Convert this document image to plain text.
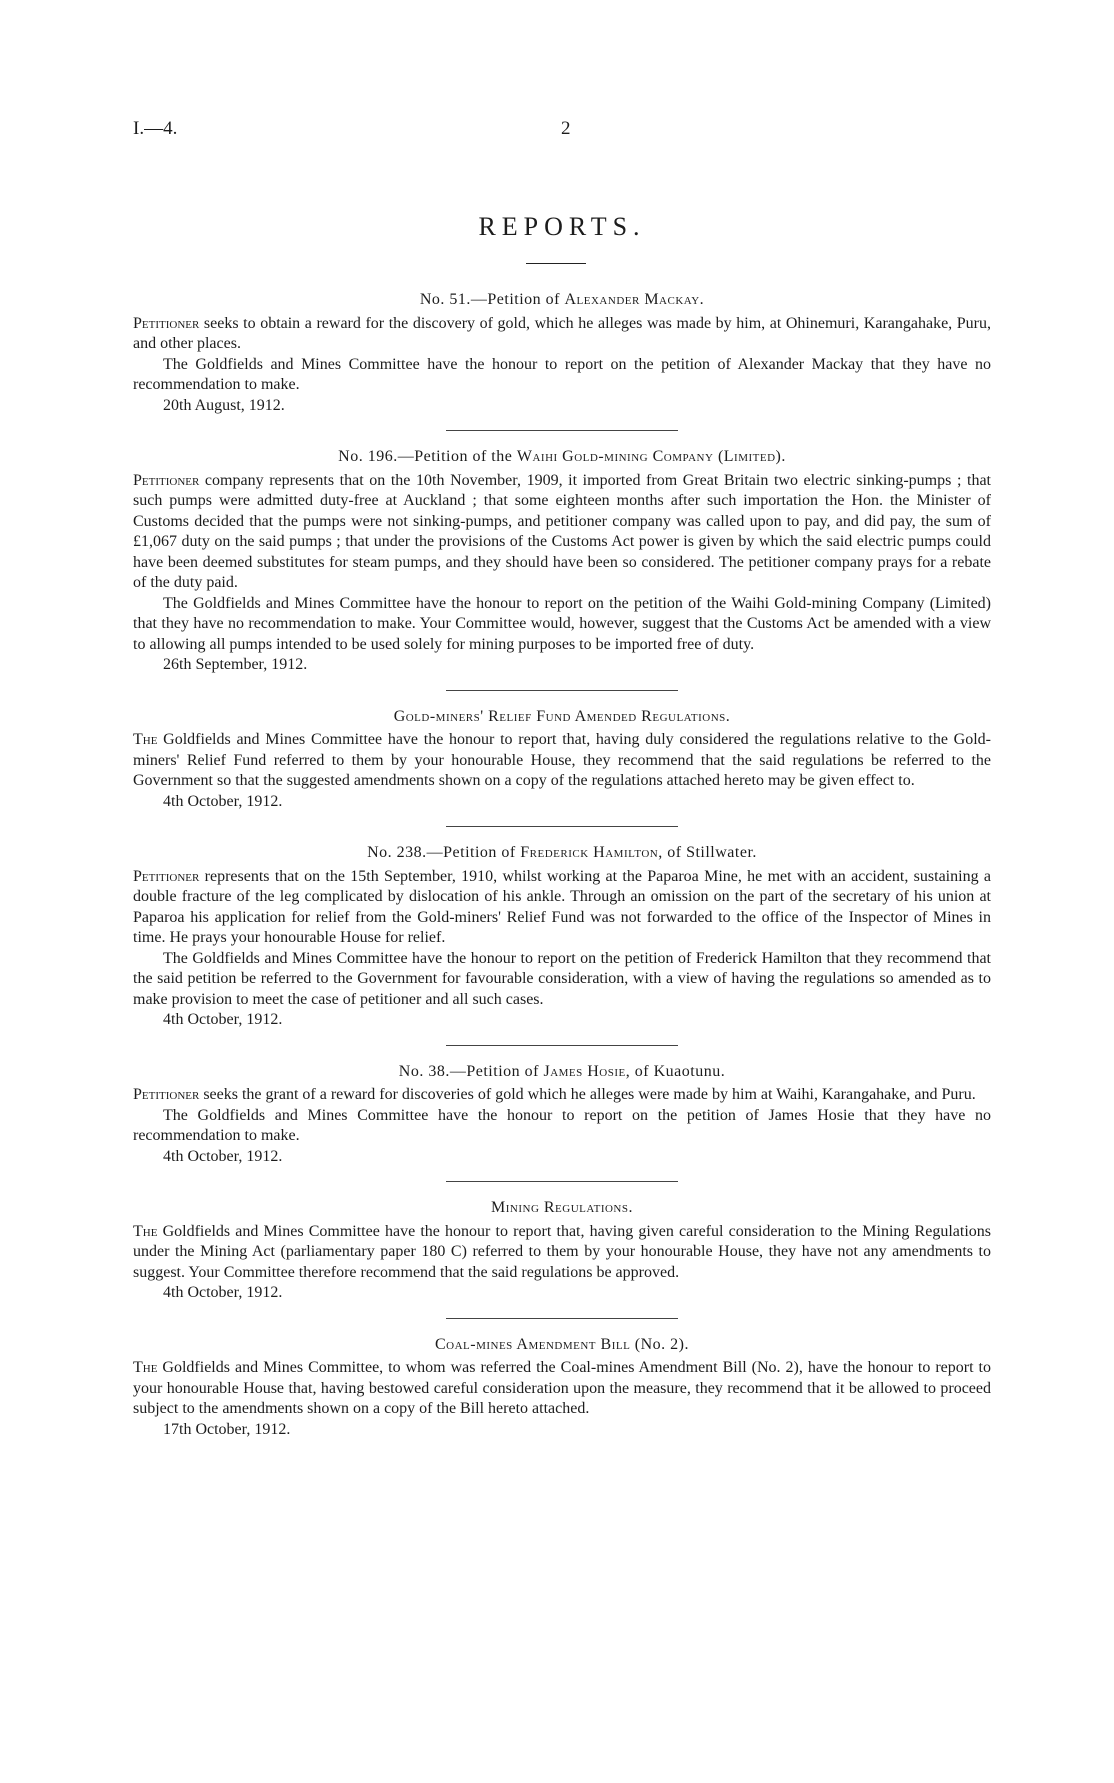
I.—4.	2
REPORTS.

No. 51.—Petition of Alexander Mackay.

Petitioner seeks to obtain a reward for the discovery of gold, which he alleges was made by him, at Ohinemuri, Karangahake, Puru, and other places.

The Goldfields and Mines Committee have the honour to report on the petition of Alexander Mackay that they have no recommendation to make.

20th August, 1912.

No. 196.—Petition of the Waihi Gold-mining Company (Limited).

Petitioner company represents that on the 10th November, 1909, it imported from Great Britain two electric sinking-pumps ; that such pumps were admitted duty-free at Auckland ; that some eighteen months after such importation the Hon. the Minister of Customs decided that the pumps were not sinking-pumps, and petitioner company was called upon to pay, and did pay, the sum of £1,067 duty on the said pumps ; that under the provisions of the Customs Act power is given by which the said electric pumps could have been deemed substitutes for steam pumps, and they should have been so considered. The petitioner company prays for a rebate of the duty paid.

The Goldfields and Mines Committee have the honour to report on the petition of the Waihi Gold-mining Company (Limited) that they have no recommendation to make. Your Committee would, however, suggest that the Customs Act be amended with a view to allowing all pumps intended to be used solely for mining purposes to be imported free of duty.

26th September, 1912.

Gold-miners' Relief Fund Amended Regulations.

The Goldfields and Mines Committee have the honour to report that, having duly considered the regulations relative to the Gold-miners' Relief Fund referred to them by your honourable House, they recommend that the said regulations be referred to the Government so that the suggested amendments shown on a copy of the regulations attached hereto may be given effect to.

4th October, 1912.

No. 238.—Petition of Frederick Hamilton, of Stillwater.

Petitioner represents that on the 15th September, 1910, whilst working at the Paparoa Mine, he met with an accident, sustaining a double fracture of the leg complicated by dislocation of his ankle. Through an omission on the part of the secretary of his union at Paparoa his application for relief from the Gold-miners' Relief Fund was not forwarded to the office of the Inspector of Mines in time. He prays your honourable House for relief.

The Goldfields and Mines Committee have the honour to report on the petition of Frederick Hamilton that they recommend that the said petition be referred to the Government for favourable consideration, with a view of having the regulations so amended as to make provision to meet the case of petitioner and all such cases.

4th October, 1912.

No. 38.—Petition of James Hosie, of Kuaotunu.

Petitioner seeks the grant of a reward for discoveries of gold which he alleges were made by him at Waihi, Karangahake, and Puru.

The Goldfields and Mines Committee have the honour to report on the petition of James Hosie that they have no recommendation to make.

4th October, 1912.

Mining Regulations.

The Goldfields and Mines Committee have the honour to report that, having given careful consideration to the Mining Regulations under the Mining Act (parliamentary paper 180 C) referred to them by your honourable House, they have not any amendments to suggest. Your Committee therefore recommend that the said regulations be approved.

4th October, 1912.

Coal-mines Amendment Bill (No. 2).

The Goldfields and Mines Committee, to whom was referred the Coal-mines Amendment Bill (No. 2), have the honour to report to your honourable House that, having bestowed careful consideration upon the measure, they recommend that it be allowed to proceed subject to the amendments shown on a copy of the Bill hereto attached.

17th October, 1912.
